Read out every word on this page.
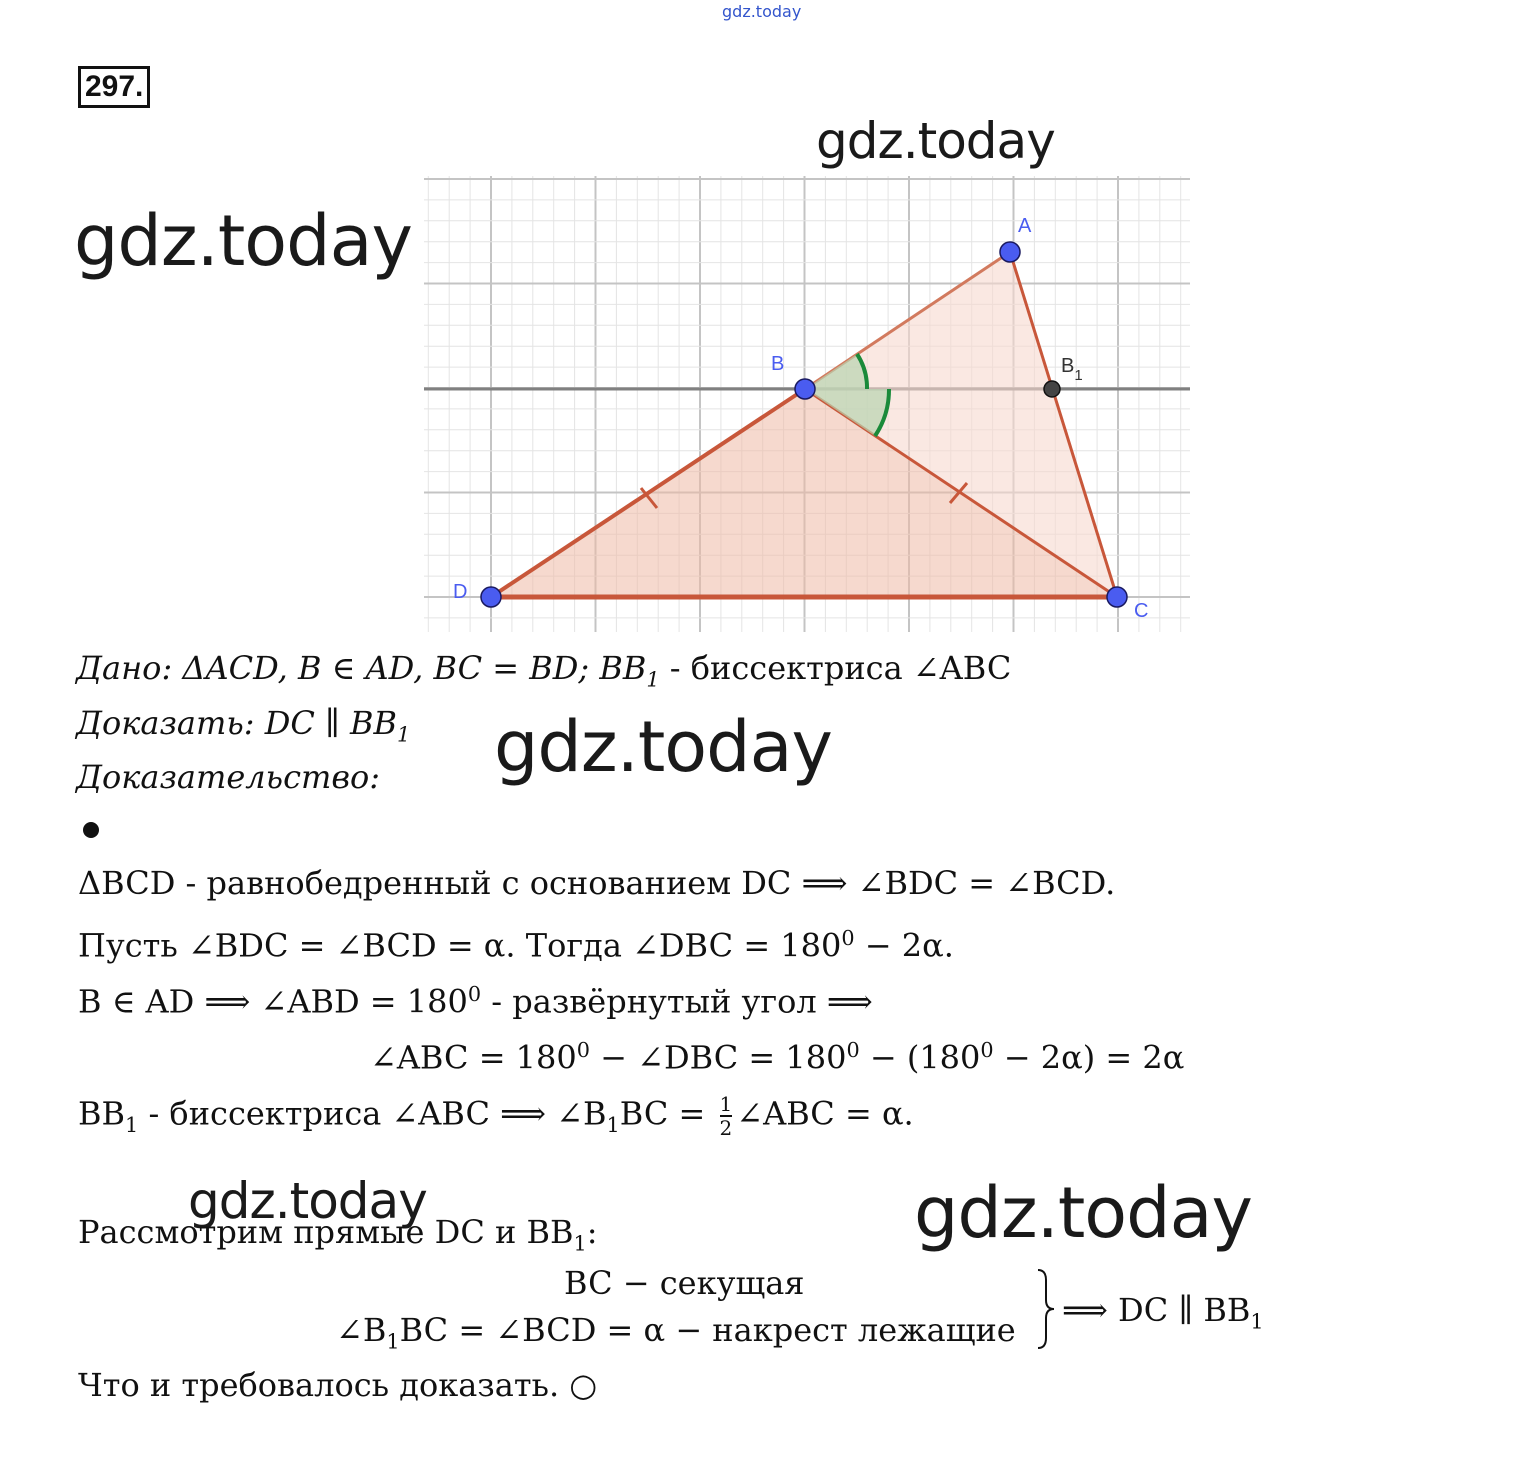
gdz.today
gdz.today
gdz.today
297.
A
B	$B_1$
C
D
Дано: ΔACD, B ∈ AD, BC = BD; $BB_1$ - биссектриса ∠ABC
Доказать: DC ∥ $BB_1$ gdz.today
Доказательство:
ΔBCD - равнобедренный с основанием DC ⟹ ∠BDC = ∠BCD.
Пусть ∠BDC = ∠BCD = α. Тогда ∠DBC = $180^0 - 2\alpha$.
B ∈ AD ⟹ ∠ABD = $180^0$ - развёрнутый угол ⟹
∠ABC = $180^0$ − ∠DBC = $180^0 - (180^0 - 2\alpha) = 2\alpha$
$BB_1$ - биссектриса ∠ABC ⟹ $\angle B_1BC = \frac{1}{2}$ ∠ABC = α.
gdz.today
Рассмотрим прямые DC и $BB_1$:	gdz.today
BC − секущая
$\angle B_1BC$ = ∠BCD = α − накрест лежащие
⟹ DC ∥ $BB_1$
Что и требовалось доказать. ○
